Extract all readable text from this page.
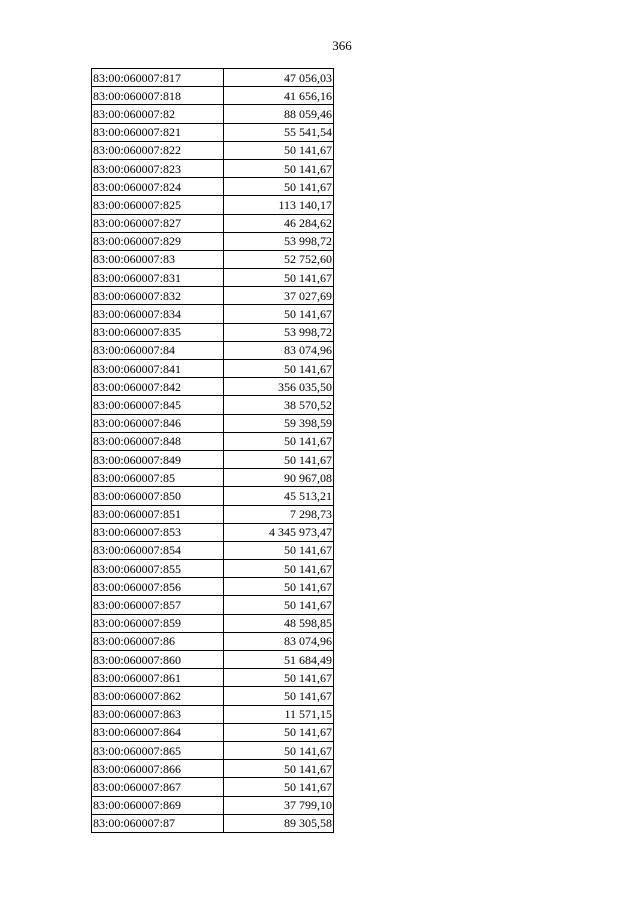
366
83:00:060007:817	47 056,03
83:00:060007:818	41 656,16
83:00:060007:82	88 059,46
83:00:060007:821	55 541,54
83:00:060007:822	50 141,67
83:00:060007:823	50 141,67
83:00:060007:824	50 141,67
83:00:060007:825	113 140,17
83:00:060007:827	46 284,62
83:00:060007:829	53 998,72
83:00:060007:83	52 752,60
83:00:060007:831	50 141,67
83:00:060007:832	37 027,69
83:00:060007:834	50 141,67
83:00:060007:835	53 998,72
83:00:060007:84	83 074,96
83:00:060007:841	50 141,67
83:00:060007:842	356 035,50
83:00:060007:845	38 570,52
83:00:060007:846	59 398,59
83:00:060007:848	50 141,67
83:00:060007:849	50 141,67
83:00:060007:85	90 967,08
83:00:060007:850	45 513,21
83:00:060007:851	7 298,73
83:00:060007:853	4 345 973,47
83:00:060007:854	50 141,67
83:00:060007:855	50 141,67
83:00:060007:856	50 141,67
83:00:060007:857	50 141,67
83:00:060007:859	48 598,85
83:00:060007:86	83 074,96
83:00:060007:860	51 684,49
83:00:060007:861	50 141,67
83:00:060007:862	50 141,67
83:00:060007:863	11 571,15
83:00:060007:864	50 141,67
83:00:060007:865	50 141,67
83:00:060007:866	50 141,67
83:00:060007:867	50 141,67
83:00:060007:869	37 799,10
83:00:060007:87	89 305,58
